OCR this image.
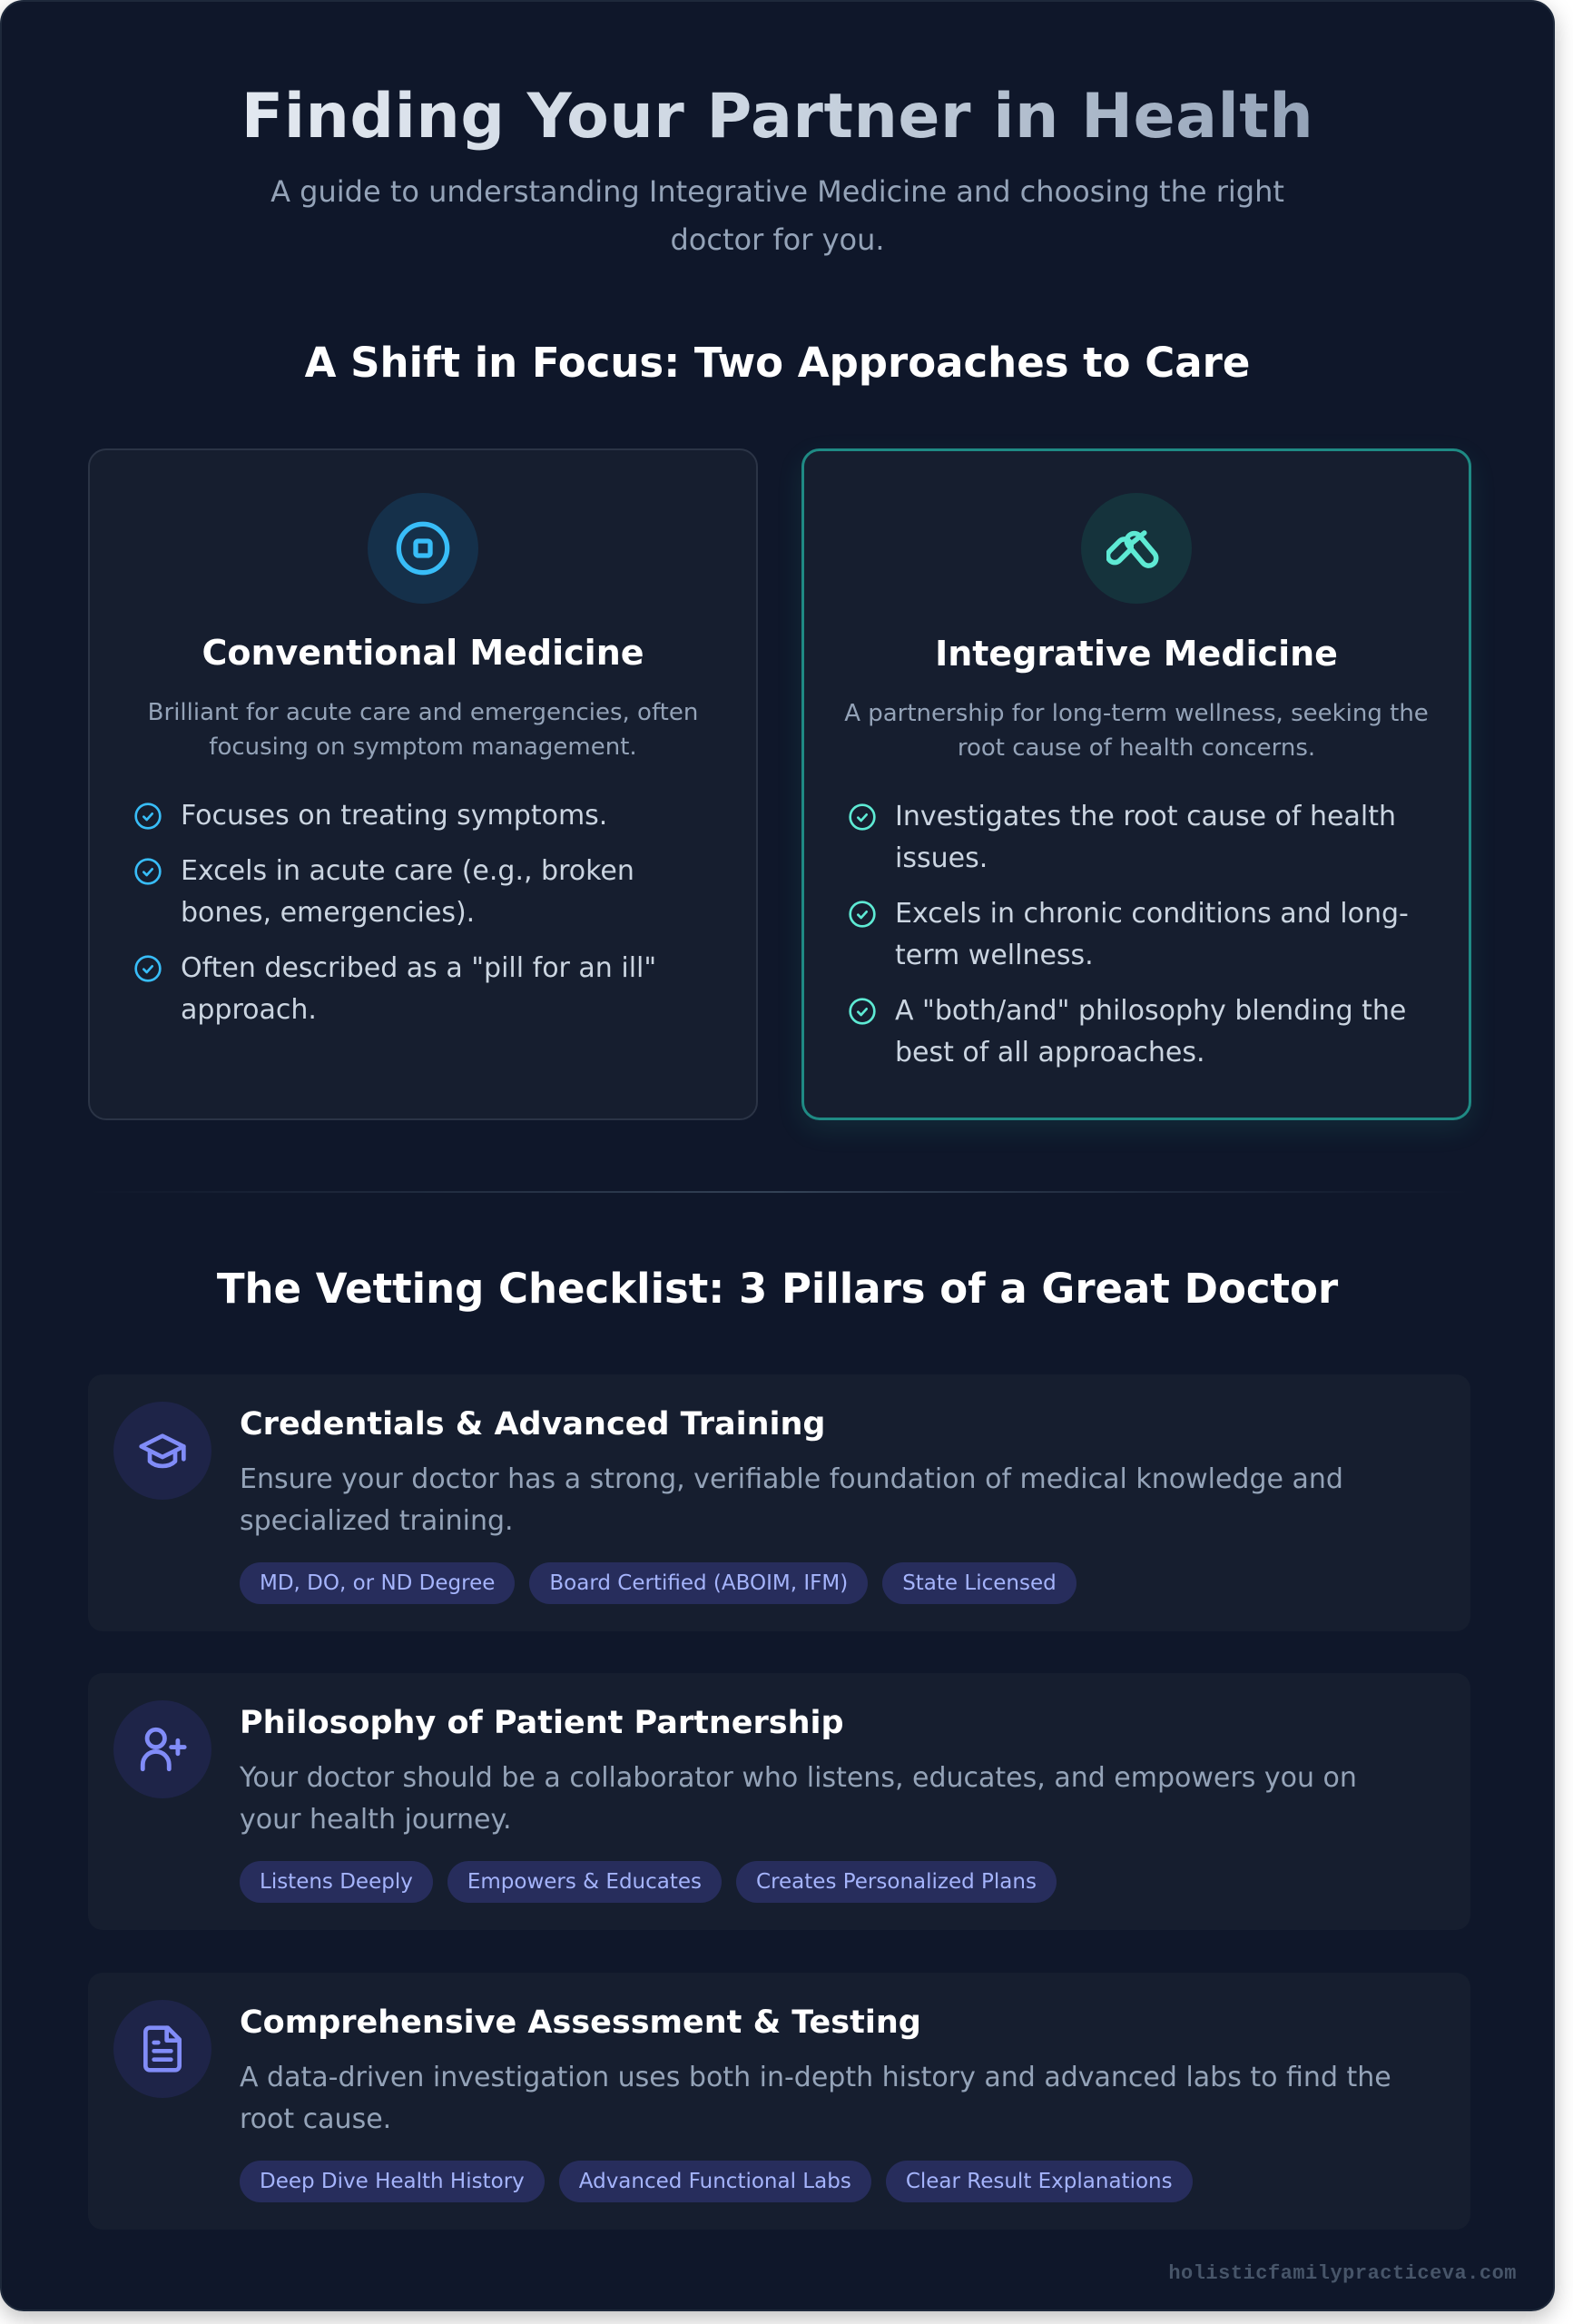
Finding Your Partner in Health

A guide to understanding Integrative Medicine and choosing the right doctor for you.

A Shift in Focus: Two Approaches to Care
Conventional Medicine
Brilliant for acute care and emergencies, often focusing on symptom management.
Focuses on treating symptoms.
Excels in acute care (e.g., broken bones, emergencies).
Often described as a "pill for an ill" approach.
Integrative Medicine
A partnership for long-term wellness, seeking the root cause of health concerns.
Investigates the root cause of health issues.
Excels in chronic conditions and long-term wellness.
A "both/and" philosophy blending the best of all approaches.
The Vetting Checklist: 3 Pillars of a Great Doctor
Credentials & Advanced Training
Ensure your doctor has a strong, verifiable foundation of medical knowledge and specialized training.
MD, DO, or ND Degree	Board Certified (ABOIM, IFM)	State Licensed
Philosophy of Patient Partnership
Your doctor should be a collaborator who listens, educates, and empowers you on your health journey.
Listens Deeply	Empowers & Educates	Creates Personalized Plans
Comprehensive Assessment & Testing
A data-driven investigation uses both in-depth history and advanced labs to find the root cause.
Deep Dive Health History	Advanced Functional Labs	Clear Result Explanations
holisticfamilypracticeva.com
